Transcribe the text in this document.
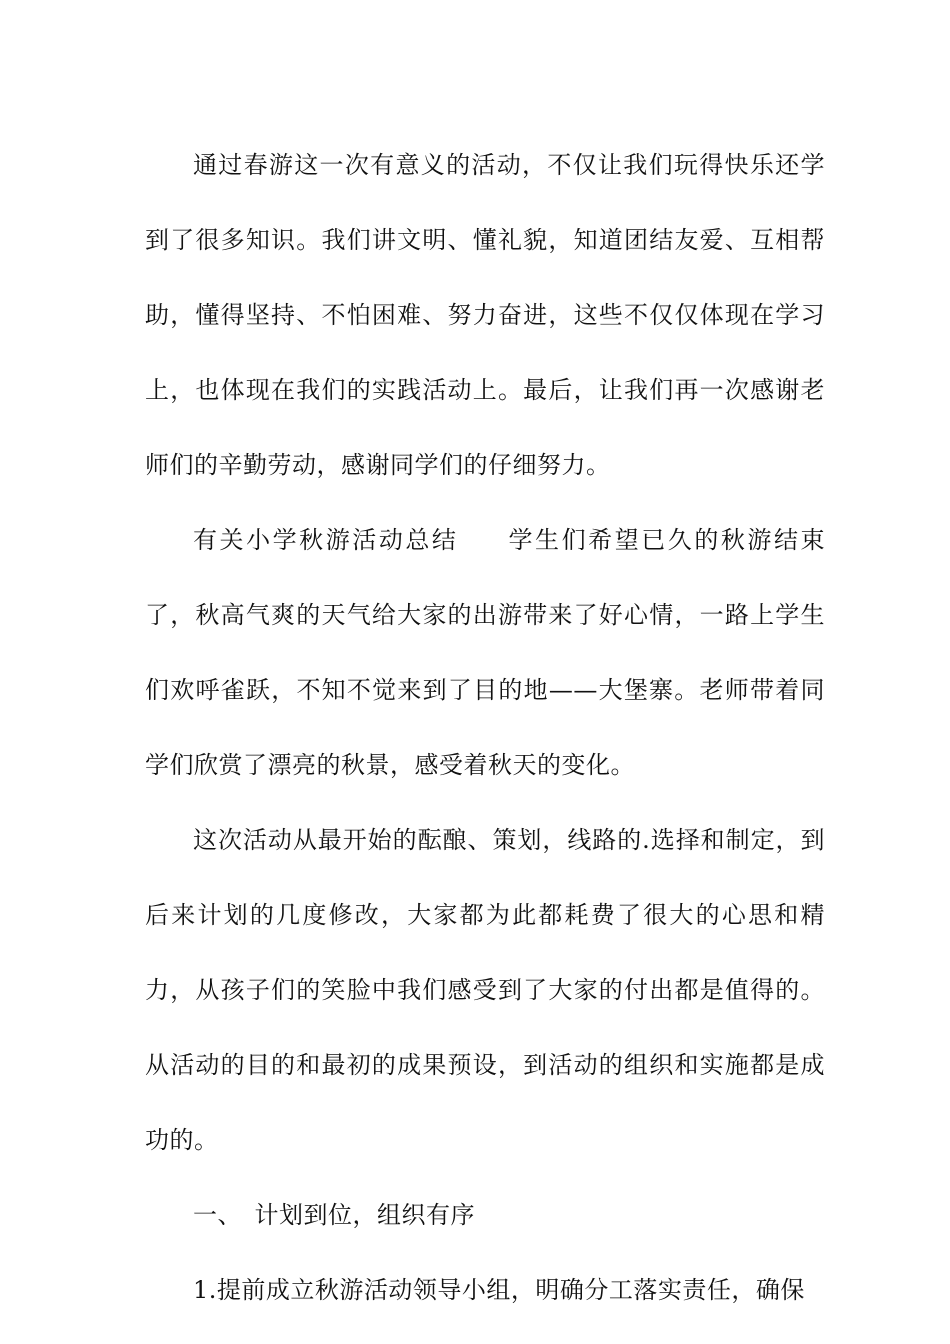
通过春游这一次有意义的活动，不仅让我们玩得快乐还学到了很多知识。我们讲文明、懂礼貌，知道团结友爱、互相帮助，懂得坚持、不怕困难、努力奋进，这些不仅仅体现在学习上，也体现在我们的实践活动上。最后，让我们再一次感谢老师们的辛勤劳动，感谢同学们的仔细努力。

有关小学秋游活动总结 学生们希望已久的秋游结束了，秋高气爽的天气给大家的出游带来了好心情，一路上学生们欢呼雀跃，不知不觉来到了目的地——大堡寨。老师带着同学们欣赏了漂亮的秋景，感受着秋天的变化。

这次活动从最开始的酝酿、策划，线路的.选择和制定，到后来计划的几度修改，大家都为此都耗费了很大的心思和精力，从孩子们的笑脸中我们感受到了大家的付出都是值得的。从活动的目的和最初的成果预设，到活动的组织和实施都是成功的。

一、　计划到位，组织有序

1.提前成立秋游活动领导小组，明确分工落实责任，确保
